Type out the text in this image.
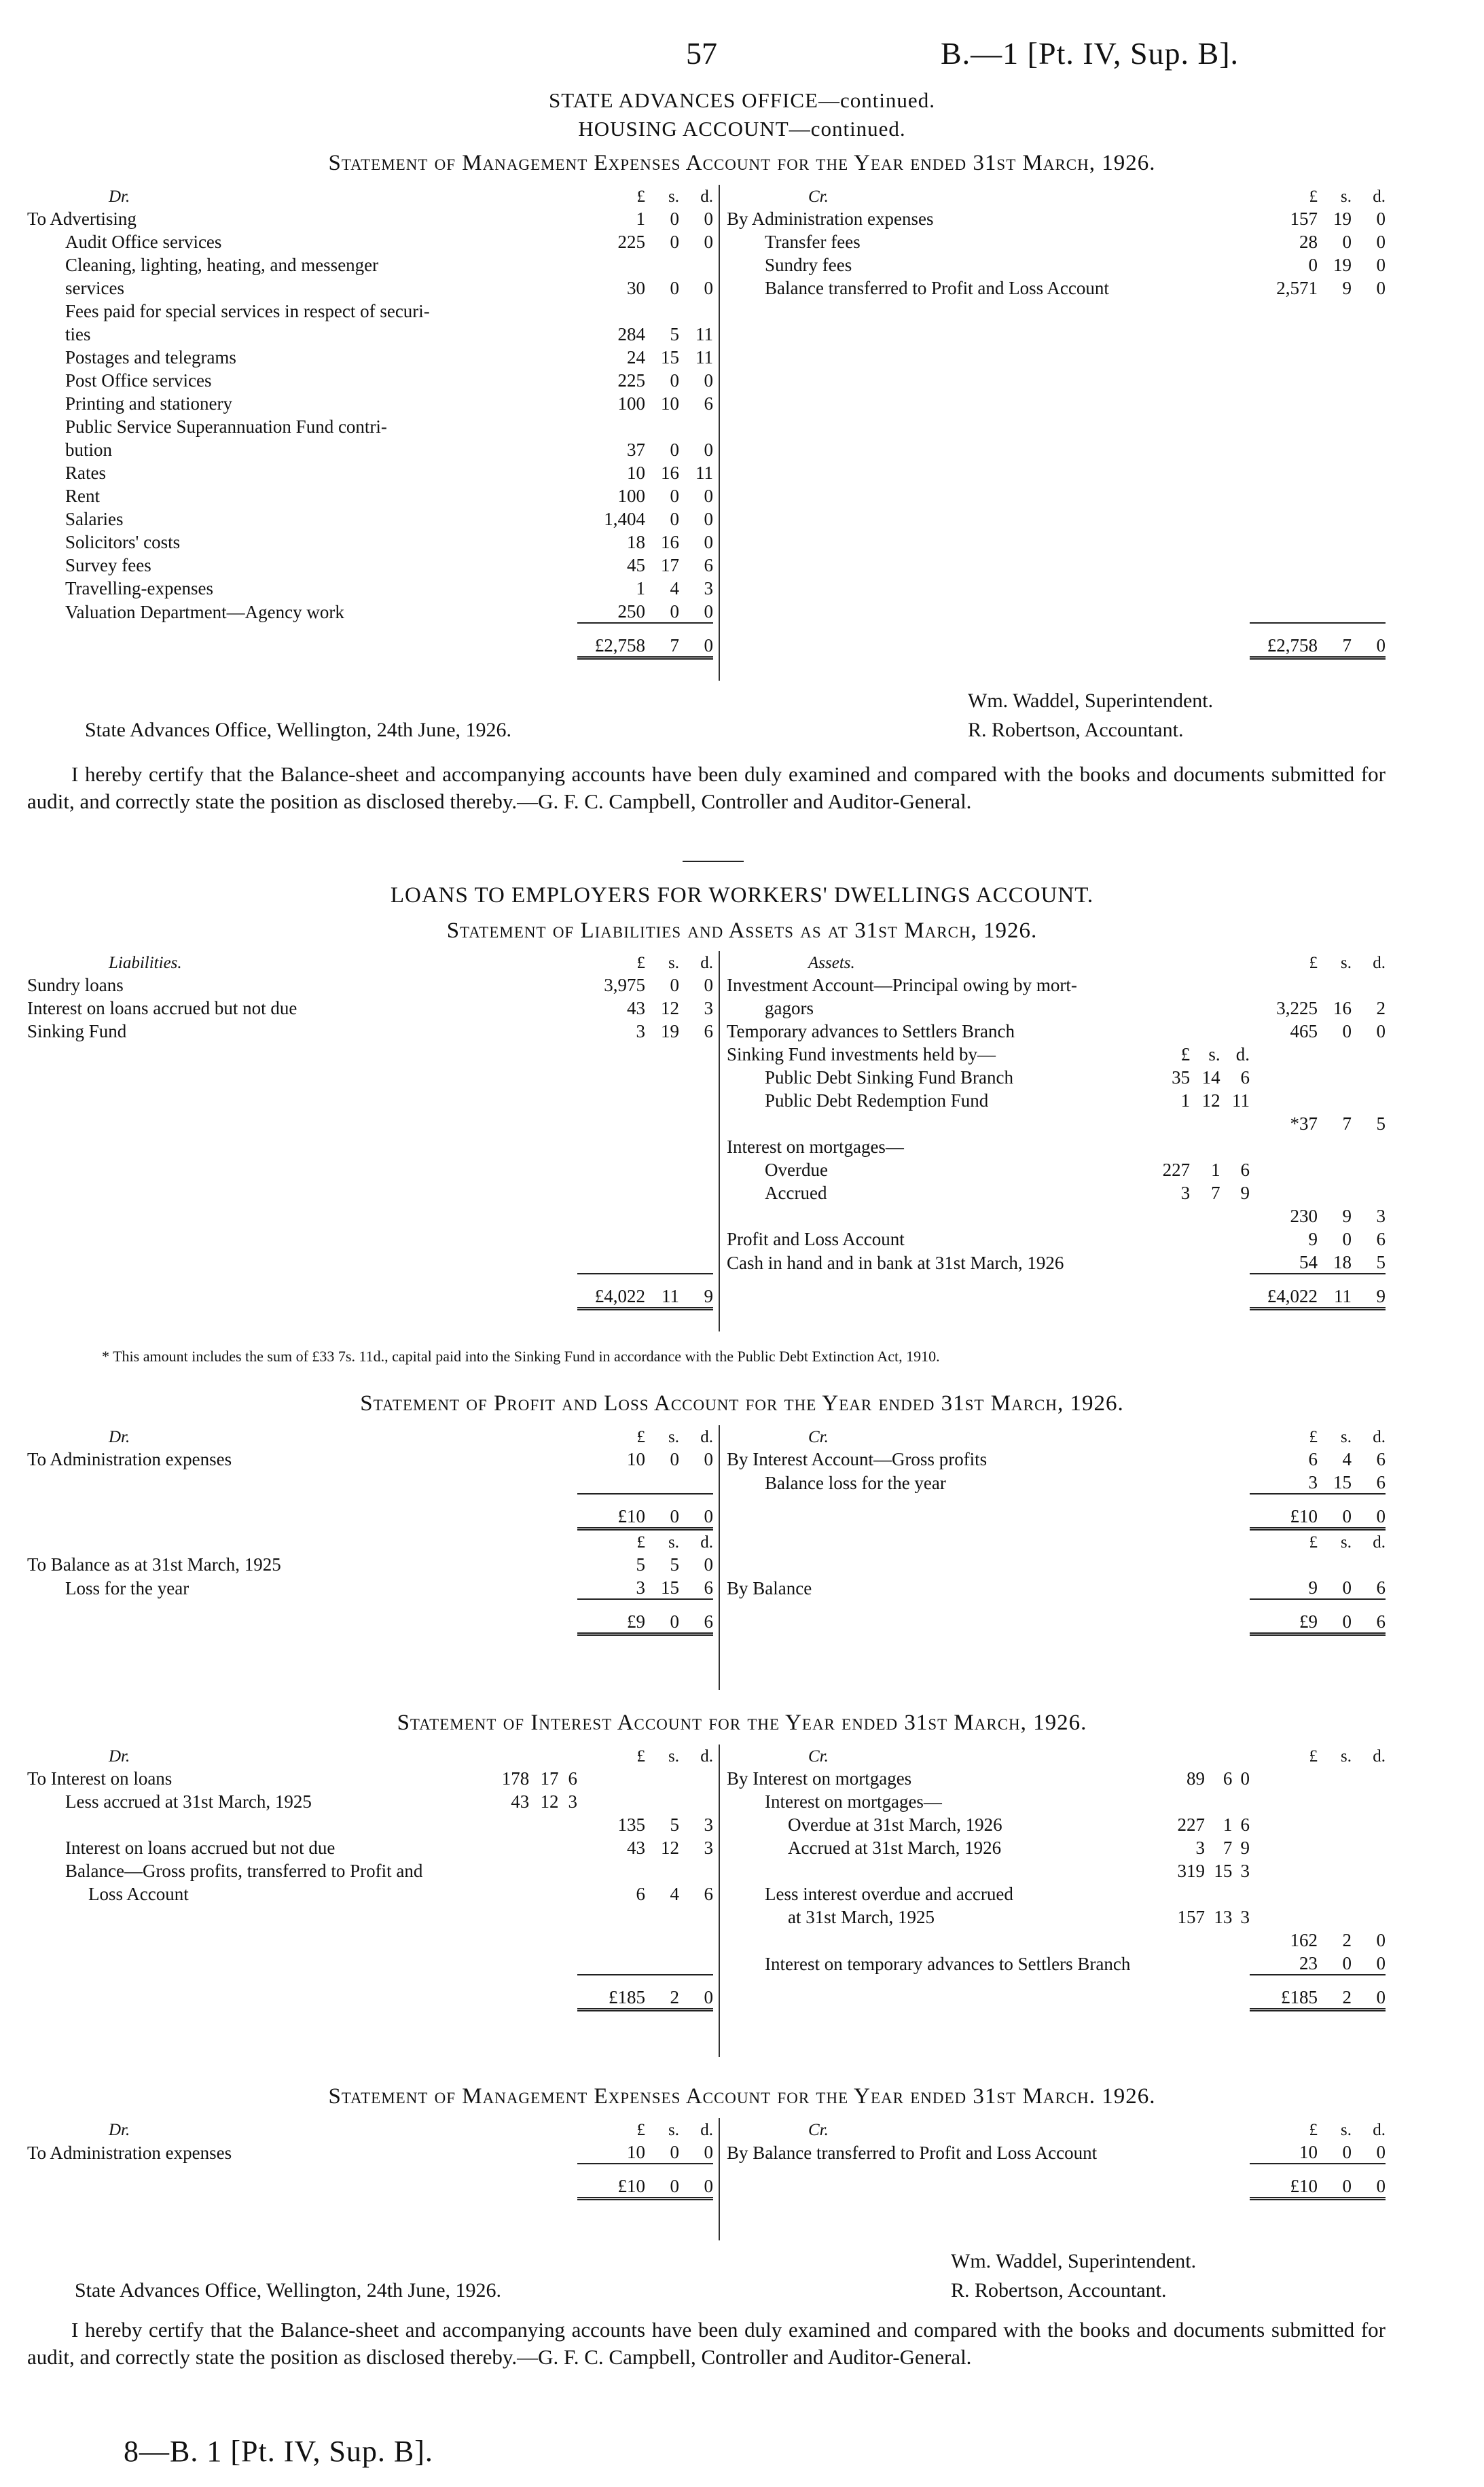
57	B.—1 [Pt. IV, Sup. B].
STATE ADVANCES OFFICE—continued.
HOUSING ACCOUNT—continued.
Statement of Management Expenses Account for the Year ended 31st March, 1926.
Dr.	£	s.	d.
To Advertising	1	0	0
Audit Office services	225	0	0
Cleaning, lighting, heating, and messenger			
services	30	0	0
Fees paid for special services in respect of securi-			
ties	284	5	11
Postages and telegrams	24	15	11
Post Office services	225	0	0
Printing and stationery	100	10	6
Public Service Superannuation Fund contri-			
bution	37	0	0
Rates	10	16	11
Rent	100	0	0
Salaries	1,404	0	0
Solicitors' costs	18	16	0
Survey fees	45	17	6
Travelling-expenses	1	4	3
Valuation Department—Agency work	250	0	0
	£2,758	7	0
Cr.	£	s.	d.
By Administration expenses	157	19	0
Transfer fees	28	0	0
Sundry fees	0	19	0
Balance transferred to Profit and Loss Account	2,571	9	0

	£2,758	7	0
State Advances Office, Wellington, 24th June, 1926.
Wm. Waddel, Superintendent.
R. Robertson, Accountant.
I hereby certify that the Balance-sheet and accompanying accounts have been duly examined and compared with the books and documents submitted for audit, and correctly state the position as disclosed thereby.—G. F. C. Campbell, Controller and Auditor-General.
LOANS TO EMPLOYERS FOR WORKERS' DWELLINGS ACCOUNT.
Statement of Liabilities and Assets as at 31st March, 1926.
Liabilities.	£	s.	d.
Sundry loans	3,975	0	0
Interest on loans accrued but not due	43	12	3
Sinking Fund	3	19	6

	£4,022	11	9
Assets.				£	s.	d.
Investment Account—Principal owing by mort-						
gagors				3,225	16	2
Temporary advances to Settlers Branch				465	0	0
Sinking Fund investments held by—	£	s.	d.			
Public Debt Sinking Fund Branch	35	14	6			
Public Debt Redemption Fund	1	12	11			
				*37	7	5
Interest on mortgages—						
Overdue	227	1	6			
Accrued	3	7	9			
				230	9	3
Profit and Loss Account				9	0	6
Cash in hand and in bank at 31st March, 1926				54	18	5
				£4,022	11	9
* This amount includes the sum of £33 7s. 11d., capital paid into the Sinking Fund in accordance with the Public Debt Extinction Act, 1910.
Statement of Profit and Loss Account for the Year ended 31st March, 1926.
Dr.	£	s.	d.
To Administration expenses	10	0	0

	£10	0	0
	£	s.	d.
To Balance as at 31st March, 1925	5	5	0
Loss for the year	3	15	6
	£9	0	6
Cr.	£	s.	d.
By Interest Account—Gross profits	6	4	6
Balance loss for the year	3	15	6
	£10	0	0
	£	s.	d.

By Balance	9	0	6
	£9	0	6
Statement of Interest Account for the Year ended 31st March, 1926.
Dr.				£	s.	d.
To Interest on loans	178	17	6			
Less accrued at 31st March, 1925	43	12	3			
				135	5	3
Interest on loans accrued but not due				43	12	3
Balance—Gross profits, transferred to Profit and						
Loss Account				6	4	6

				£185	2	0
Cr.				£	s.	d.
By Interest on mortgages	89	6	0			
Interest on mortgages—						
Overdue at 31st March, 1926	227	1	6			
Accrued at 31st March, 1926	3	7	9			
	319	15	3			
Less interest overdue and accrued						
at 31st March, 1925	157	13	3			
				162	2	0
Interest on temporary advances to Settlers Branch				23	0	0
				£185	2	0
Statement of Management Expenses Account for the Year ended 31st March. 1926.
Dr.	£	s.	d.
To Administration expenses	10	0	0
	£10	0	0
Cr.	£	s.	d.
By Balance transferred to Profit and Loss Account	10	0	0
	£10	0	0
State Advances Office, Wellington, 24th June, 1926.
Wm. Waddel, Superintendent.
R. Robertson, Accountant.
I hereby certify that the Balance-sheet and accompanying accounts have been duly examined and compared with the books and documents submitted for audit, and correctly state the position as disclosed thereby.—G. F. C. Campbell, Controller and Auditor-General.
8—B. 1 [Pt. IV, Sup. B].
